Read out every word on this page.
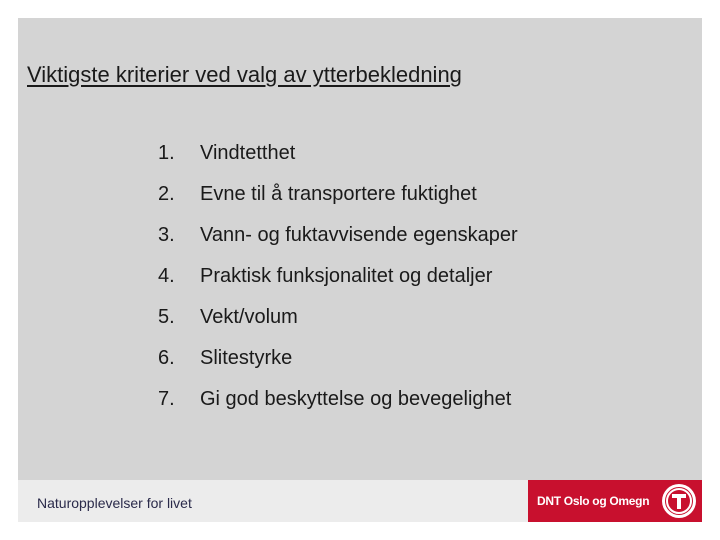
Viktigste kriterier ved valg av ytterbekledning
1.	Vindtetthet
2.	Evne til å transportere fuktighet
3.	Vann- og fuktavvisende egenskaper
4.	Praktisk funksjonalitet og detaljer
5.	Vekt/volum
6.	Slitestyrke
7.	Gi god beskyttelse og bevegelighet
Naturopplevelser for livet	DNT Oslo og Omegn
